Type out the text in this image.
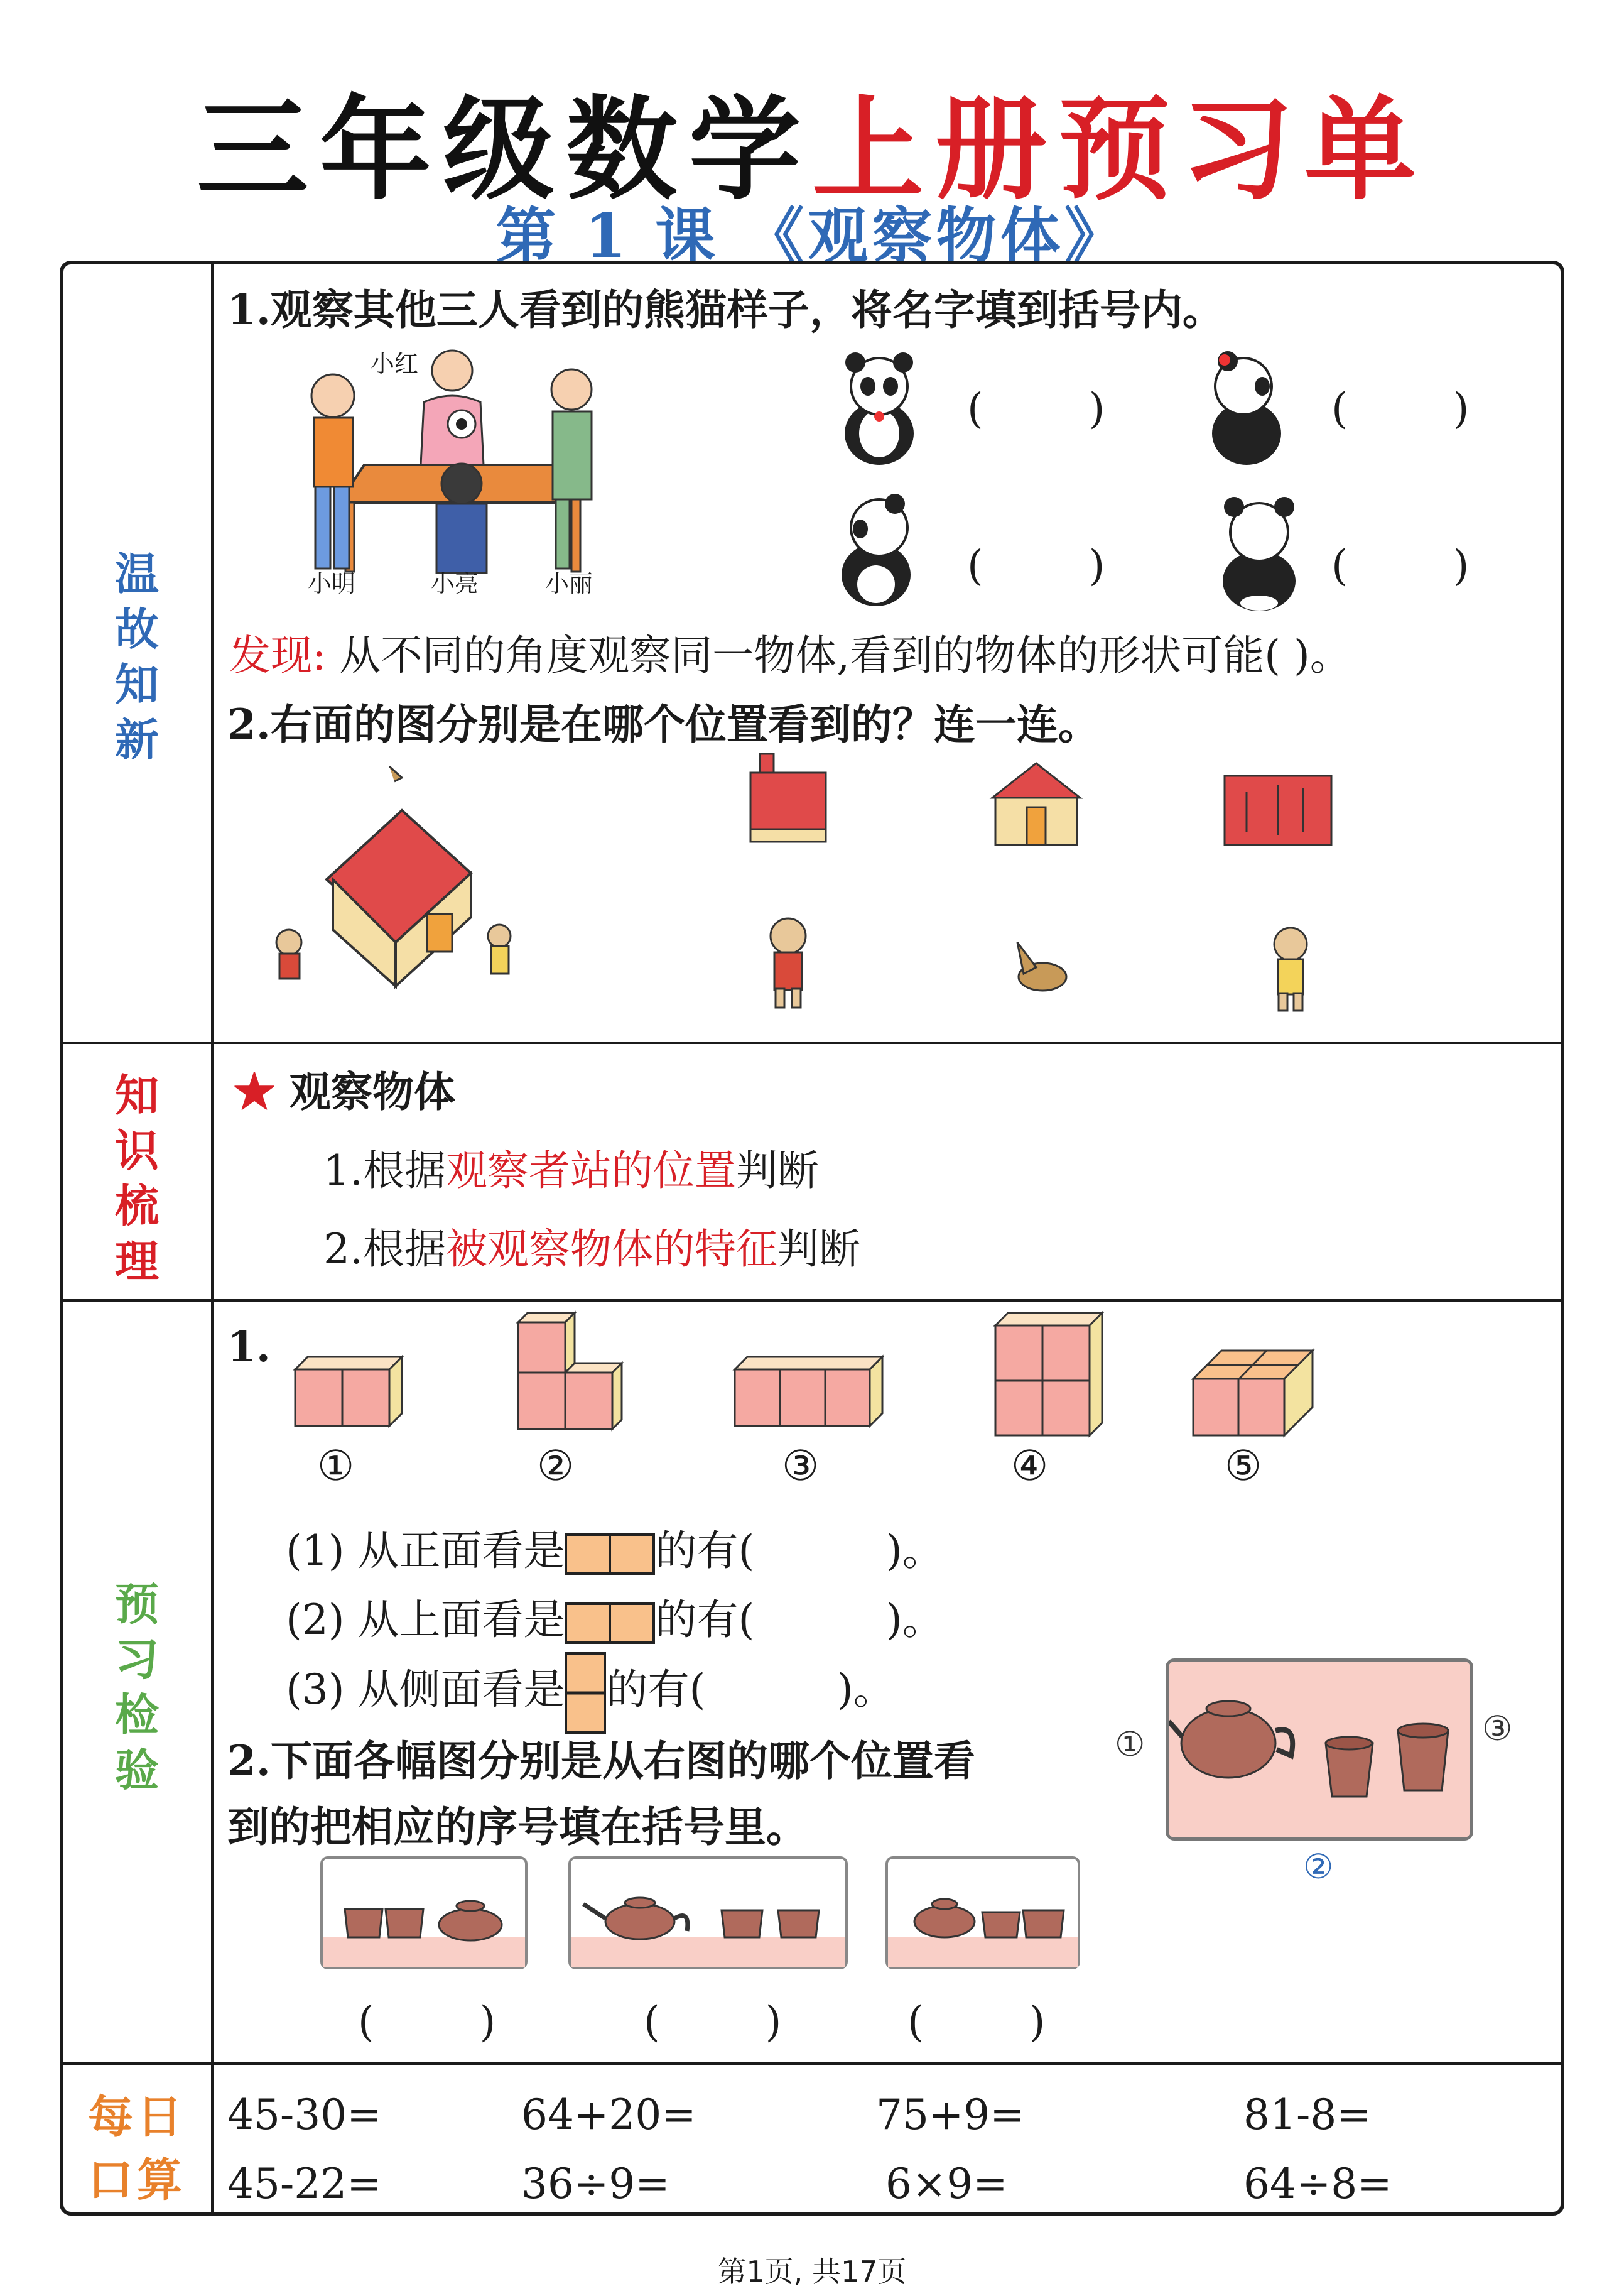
三年级数学上册预习单
第 1 课 《观察物体》
温
故
知
新
知
识
梳
理
预
习
检
验
每日
口算
1.观察其他三人看到的熊猫样子，将名字填到括号内。
小红
小明	小亮	小丽
(        )	(        )
(        )	(        )
发现: 从不同的角度观察同一物体,看到的物体的形状可能( )。
2.右面的图分别是在哪个位置看到的？连一连。
★ 观察物体
1.根据观察者站的位置判断
2.根据被观察物体的特征判断
1.
①	②	③	④	⑤
(1) 从正面看是 的有(          )。
(2) 从上面看是 的有(          )。
(3) 从侧面看是 的有(          )。
2.下面各幅图分别是从右图的哪个位置看
到的把相应的序号填在括号里。
①
②
③
(        )	(        )	(        )
45-30=	64+20=	75+9=	81-8=
45-22=	36÷9=	6×9=	64÷8=
第1页, 共17页
